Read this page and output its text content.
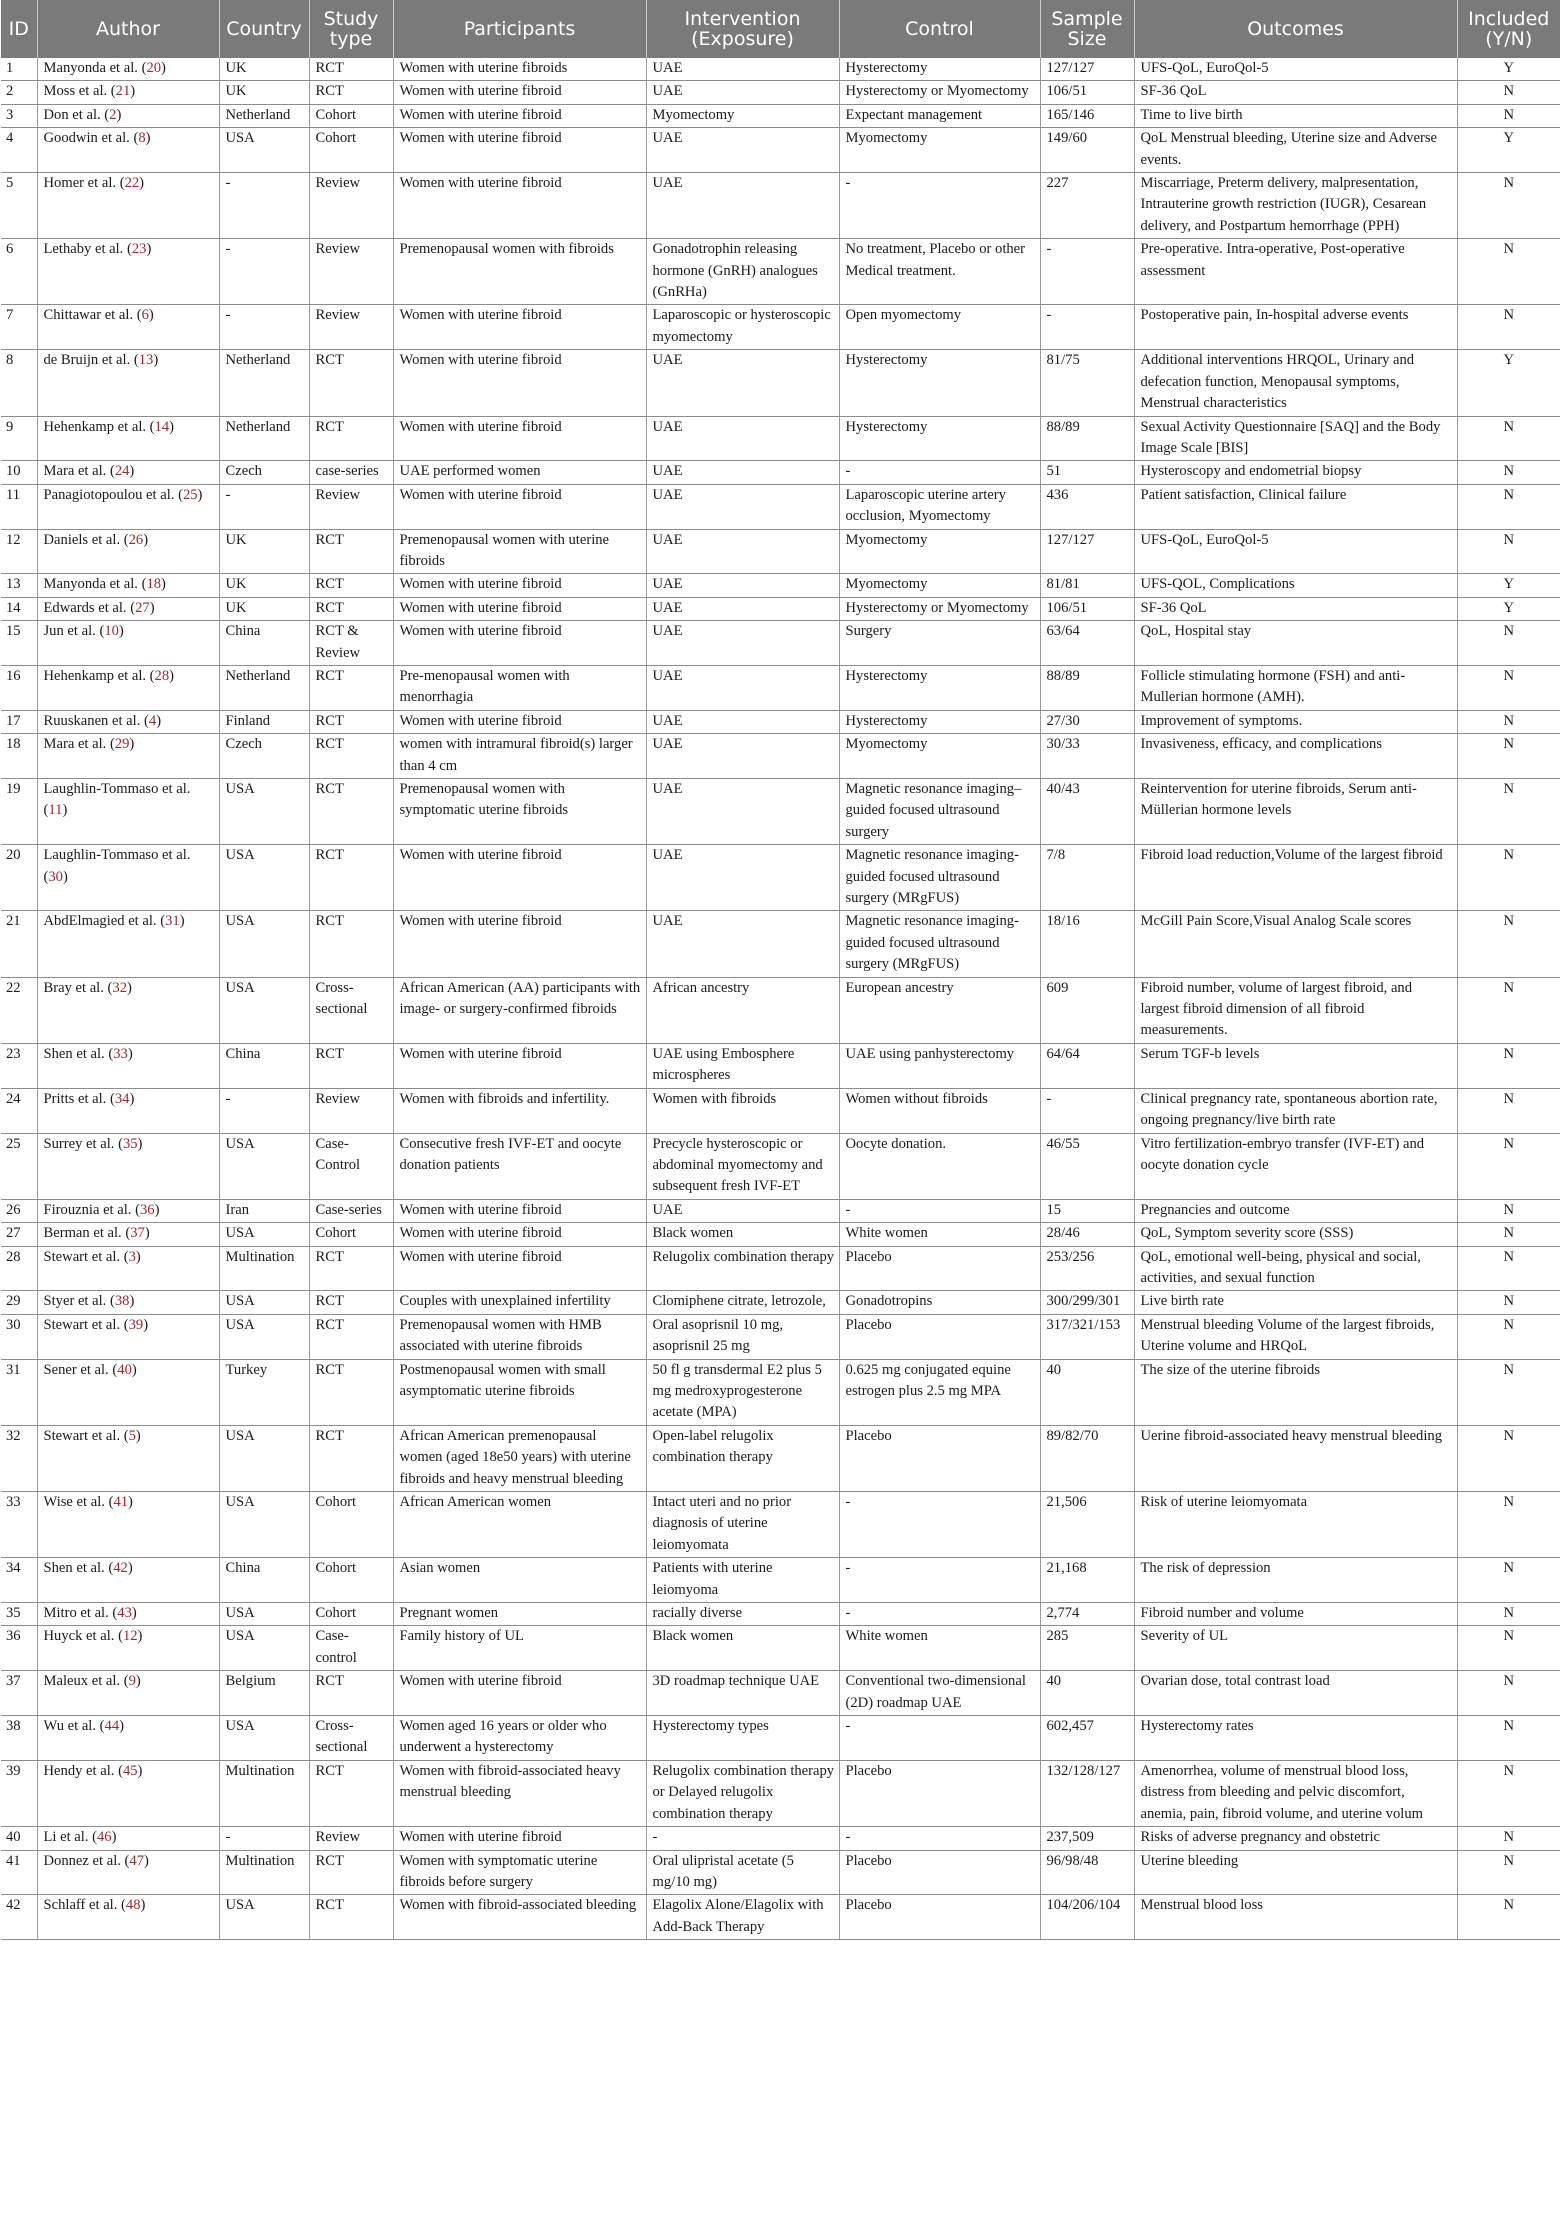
ID	Author	Country	Study type	Participants	Intervention (Exposure)	Control	Sample Size	Outcomes	Included (Y/N)
1	Manyonda et al. (20)	UK	RCT	Women with uterine fibroids	UAE	Hysterectomy	127/127	UFS-QoL, EuroQol-5	Y
2	Moss et al. (21)	UK	RCT	Women with uterine fibroid	UAE	Hysterectomy or Myomectomy	106/51	SF-36 QoL	N
3	Don et al. (2)	Netherland	Cohort	Women with uterine fibroid	Myomectomy	Expectant management	165/146	Time to live birth	N
4	Goodwin et al. (8)	USA	Cohort	Women with uterine fibroid	UAE	Myomectomy	149/60	QoL Menstrual bleeding, Uterine size and Adverse events.	Y
5	Homer et al. (22)	-	Review	Women with uterine fibroid	UAE	-	227	Miscarriage, Preterm delivery, malpresentation, Intrauterine growth restriction (IUGR), Cesarean delivery, and Postpartum hemorrhage (PPH)	N
6	Lethaby et al. (23)	-	Review	Premenopausal women with fibroids	Gonadotrophin releasing hormone (GnRH) analogues (GnRHa)	No treatment, Placebo or other Medical treatment.	-	Pre-operative. Intra-operative, Post-operative assessment	N
7	Chittawar et al. (6)	-	Review	Women with uterine fibroid	Laparoscopic or hysteroscopic myomectomy	Open myomectomy	-	Postoperative pain, In-hospital adverse events	N
8	de Bruijn et al. (13)	Netherland	RCT	Women with uterine fibroid	UAE	Hysterectomy	81/75	Additional interventions HRQOL, Urinary and defecation function, Menopausal symptoms, Menstrual characteristics	Y
9	Hehenkamp et al. (14)	Netherland	RCT	Women with uterine fibroid	UAE	Hysterectomy	88/89	Sexual Activity Questionnaire [SAQ] and the Body Image Scale [BIS]	N
10	Mara et al. (24)	Czech	case-series	UAE performed women	UAE	-	51	Hysteroscopy and endometrial biopsy	N
11	Panagiotopoulou et al. (25)	-	Review	Women with uterine fibroid	UAE	Laparoscopic uterine artery occlusion, Myomectomy	436	Patient satisfaction, Clinical failure	N
12	Daniels et al. (26)	UK	RCT	Premenopausal women with uterine fibroids	UAE	Myomectomy	127/127	UFS-QoL, EuroQol-5	N
13	Manyonda et al. (18)	UK	RCT	Women with uterine fibroid	UAE	Myomectomy	81/81	UFS-QOL, Complications	Y
14	Edwards et al. (27)	UK	RCT	Women with uterine fibroid	UAE	Hysterectomy or Myomectomy	106/51	SF-36 QoL	Y
15	Jun et al. (10)	China	RCT & Review	Women with uterine fibroid	UAE	Surgery	63/64	QoL, Hospital stay	N
16	Hehenkamp et al. (28)	Netherland	RCT	Pre-menopausal women with menorrhagia	UAE	Hysterectomy	88/89	Follicle stimulating hormone (FSH) and anti-Mullerian hormone (AMH).	N
17	Ruuskanen et al. (4)	Finland	RCT	Women with uterine fibroid	UAE	Hysterectomy	27/30	Improvement of symptoms.	N
18	Mara et al. (29)	Czech	RCT	women with intramural fibroid(s) larger than 4 cm	UAE	Myomectomy	30/33	Invasiveness, efficacy, and complications	N
19	Laughlin-Tommaso et al. (11)	USA	RCT	Premenopausal women with symptomatic uterine fibroids	UAE	Magnetic resonance imaging–guided focused ultrasound surgery	40/43	Reintervention for uterine fibroids, Serum anti-Müllerian hormone levels	N
20	Laughlin-Tommaso et al. (30)	USA	RCT	Women with uterine fibroid	UAE	Magnetic resonance imaging-guided focused ultrasound surgery (MRgFUS)	7/8	Fibroid load reduction,Volume of the largest fibroid	N
21	AbdElmagied et al. (31)	USA	RCT	Women with uterine fibroid	UAE	Magnetic resonance imaging-guided focused ultrasound surgery (MRgFUS)	18/16	McGill Pain Score,Visual Analog Scale scores	N
22	Bray et al. (32)	USA	Cross-sectional	African American (AA) participants with image- or surgery-confirmed fibroids	African ancestry	European ancestry	609	Fibroid number, volume of largest fibroid, and largest fibroid dimension of all fibroid measurements.	N
23	Shen et al. (33)	China	RCT	Women with uterine fibroid	UAE using Embosphere microspheres	UAE using panhysterectomy	64/64	Serum TGF-b levels	N
24	Pritts et al. (34)	-	Review	Women with fibroids and infertility.	Women with fibroids	Women without fibroids	-	Clinical pregnancy rate, spontaneous abortion rate, ongoing pregnancy/live birth rate	N
25	Surrey et al. (35)	USA	Case-Control	Consecutive fresh IVF-ET and oocyte donation patients	Precycle hysteroscopic or abdominal myomectomy and subsequent fresh IVF-ET	Oocyte donation.	46/55	Vitro fertilization-embryo transfer (IVF-ET) and oocyte donation cycle	N
26	Firouznia et al. (36)	Iran	Case-series	Women with uterine fibroid	UAE	-	15	Pregnancies and outcome	N
27	Berman et al. (37)	USA	Cohort	Women with uterine fibroid	Black women	White women	28/46	QoL, Symptom severity score (SSS)	N
28	Stewart et al. (3)	Multination	RCT	Women with uterine fibroid	Relugolix combination therapy	Placebo	253/256	QoL, emotional well-being, physical and social, activities, and sexual function	N
29	Styer et al. (38)	USA	RCT	Couples with unexplained infertility	Clomiphene citrate, letrozole,	Gonadotropins	300/299/301	Live birth rate	N
30	Stewart et al. (39)	USA	RCT	Premenopausal women with HMB associated with uterine fibroids	Oral asoprisnil 10 mg, asoprisnil 25 mg	Placebo	317/321/153	Menstrual bleeding Volume of the largest fibroids, Uterine volume and HRQoL	N
31	Sener et al. (40)	Turkey	RCT	Postmenopausal women with small asymptomatic uterine fibroids	50 fl g transdermal E2 plus 5 mg medroxyprogesterone acetate (MPA)	0.625 mg conjugated equine estrogen plus 2.5 mg MPA	40	The size of the uterine fibroids	N
32	Stewart et al. (5)	USA	RCT	African American premenopausal women (aged 18e50 years) with uterine fibroids and heavy menstrual bleeding	Open-label relugolix combination therapy	Placebo	89/82/70	Uerine fibroid-associated heavy menstrual bleeding	N
33	Wise et al. (41)	USA	Cohort	African American women	Intact uteri and no prior diagnosis of uterine leiomyomata	-	21,506	Risk of uterine leiomyomata	N
34	Shen et al. (42)	China	Cohort	Asian women	Patients with uterine leiomyoma	-	21,168	The risk of depression	N
35	Mitro et al. (43)	USA	Cohort	Pregnant women	racially diverse	-	2,774	Fibroid number and volume	N
36	Huyck et al. (12)	USA	Case-control	Family history of UL	Black women	White women	285	Severity of UL	N
37	Maleux et al. (9)	Belgium	RCT	Women with uterine fibroid	3D roadmap technique UAE	Conventional two-dimensional (2D) roadmap UAE	40	Ovarian dose, total contrast load	N
38	Wu et al. (44)	USA	Cross-sectional	Women aged 16 years or older who underwent a hysterectomy	Hysterectomy types	-	602,457	Hysterectomy rates	N
39	Hendy et al. (45)	Multination	RCT	Women with fibroid-associated heavy menstrual bleeding	Relugolix combination therapy or Delayed relugolix combination therapy	Placebo	132/128/127	Amenorrhea, volume of menstrual blood loss, distress from bleeding and pelvic discomfort, anemia, pain, fibroid volume, and uterine volum	N
40	Li et al. (46)	-	Review	Women with uterine fibroid	-	-	237,509	Risks of adverse pregnancy and obstetric	N
41	Donnez et al. (47)	Multination	RCT	Women with symptomatic uterine fibroids before surgery	Oral ulipristal acetate (5 mg/10 mg)	Placebo	96/98/48	Uterine bleeding	N
42	Schlaff et al. (48)	USA	RCT	Women with fibroid-associated bleeding	Elagolix Alone/Elagolix with Add-Back Therapy	Placebo	104/206/104	Menstrual blood loss	N
